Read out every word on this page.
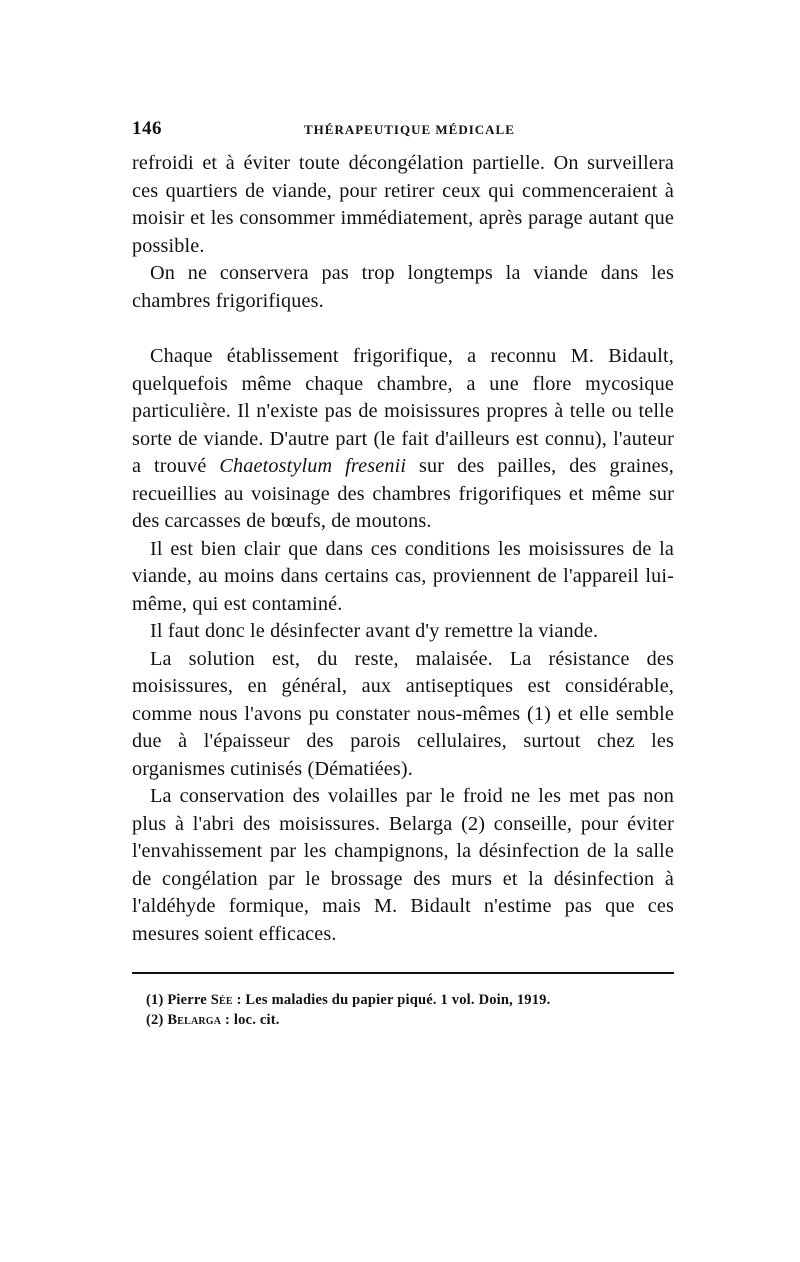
146	THÉRAPEUTIQUE MÉDICALE

refroidi et à éviter toute décongélation partielle. On surveillera ces quartiers de viande, pour retirer ceux qui commenceraient à moisir et les consommer immédiatement, après parage autant que possible.

On ne conservera pas trop longtemps la viande dans les chambres frigorifiques.

Chaque établissement frigorifique, a reconnu M. Bidault, quelquefois même chaque chambre, a une flore mycosique particulière. Il n'existe pas de moisissures propres à telle ou telle sorte de viande. D'autre part (le fait d'ailleurs est connu), l'auteur a trouvé Chaetostylum fresenii sur des pailles, des graines, recueillies au voisinage des chambres frigorifiques et même sur des carcasses de bœufs, de moutons.

Il est bien clair que dans ces conditions les moisissures de la viande, au moins dans certains cas, proviennent de l'appareil lui-même, qui est contaminé.

Il faut donc le désinfecter avant d'y remettre la viande.

La solution est, du reste, malaisée. La résistance des moisissures, en général, aux antiseptiques est considérable, comme nous l'avons pu constater nous-mêmes (1) et elle semble due à l'épaisseur des parois cellulaires, surtout chez les organismes cutinisés (Dématiées).

La conservation des volailles par le froid ne les met pas non plus à l'abri des moisissures. Belarga (2) conseille, pour éviter l'envahissement par les champignons, la désinfection de la salle de congélation par le brossage des murs et la désinfection à l'aldéhyde formique, mais M. Bidault n'estime pas que ces mesures soient efficaces.

(1) Pierre Sée : Les maladies du papier piqué. 1 vol. Doin, 1919.

(2) Belarga : loc. cit.
